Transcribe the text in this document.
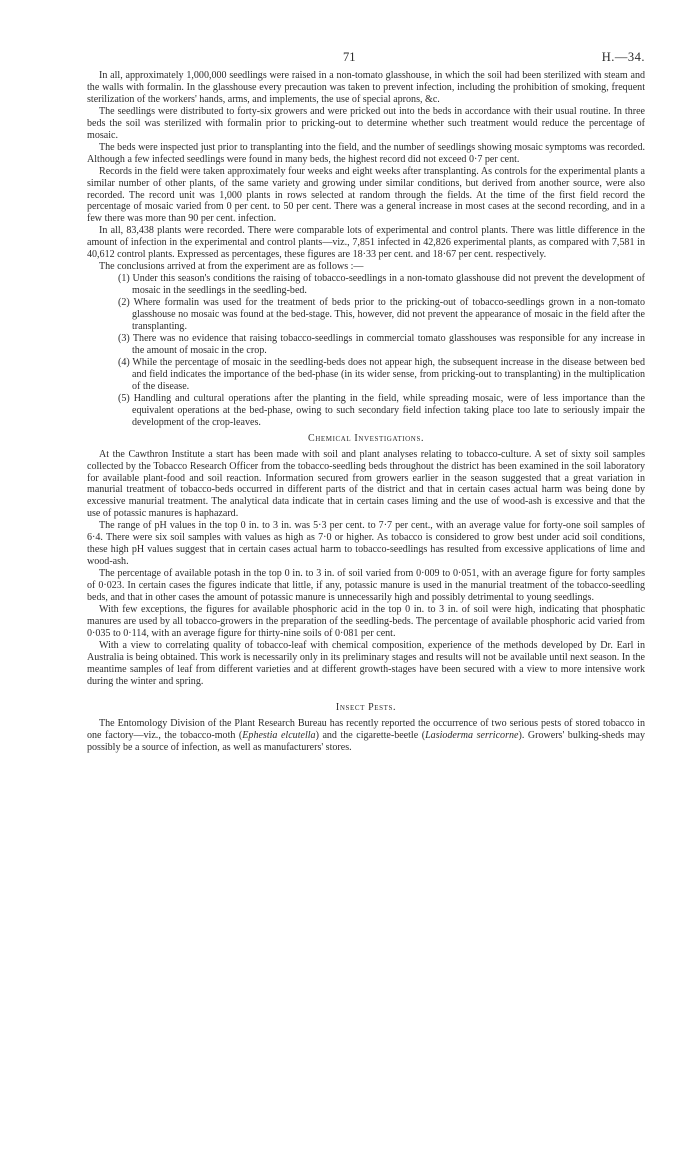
71	H.—34.

In all, approximately 1,000,000 seedlings were raised in a non-tomato glasshouse, in which the soil had been sterilized with steam and the walls with formalin. In the glasshouse every precaution was taken to prevent infection, including the prohibition of smoking, frequent sterilization of the workers' hands, arms, and implements, the use of special aprons, &c.

The seedlings were distributed to forty-six growers and were pricked out into the beds in accordance with their usual routine. In three beds the soil was sterilized with formalin prior to pricking-out to determine whether such treatment would reduce the percentage of mosaic.

The beds were inspected just prior to transplanting into the field, and the number of seedlings showing mosaic symptoms was recorded. Although a few infected seedlings were found in many beds, the highest record did not exceed 0·7 per cent.

Records in the field were taken approximately four weeks and eight weeks after transplanting. As controls for the experimental plants a similar number of other plants, of the same variety and growing under similar conditions, but derived from another source, were also recorded. The record unit was 1,000 plants in rows selected at random through the fields. At the time of the first field record the percentage of mosaic varied from 0 per cent. to 50 per cent. There was a general increase in most cases at the second recording, and in a few there was more than 90 per cent. infection.

In all, 83,438 plants were recorded. There were comparable lots of experimental and control plants. There was little difference in the amount of infection in the experimental and control plants—viz., 7,851 infected in 42,826 experimental plants, as compared with 7,581 in 40,612 control plants. Expressed as percentages, these figures are 18·33 per cent. and 18·67 per cent. respectively.

The conclusions arrived at from the experiment are as follows :—

(1) Under this season's conditions the raising of tobacco-seedlings in a non-tomato glasshouse did not prevent the development of mosaic in the seedlings in the seedling-bed.
(2) Where formalin was used for the treatment of beds prior to the pricking-out of tobacco-seedlings grown in a non-tomato glasshouse no mosaic was found at the bed-stage. This, however, did not prevent the appearance of mosaic in the field after the transplanting.
(3) There was no evidence that raising tobacco-seedlings in commercial tomato glasshouses was responsible for any increase in the amount of mosaic in the crop.
(4) While the percentage of mosaic in the seedling-beds does not appear high, the subsequent increase in the disease between bed and field indicates the importance of the bed-phase (in its wider sense, from pricking-out to transplanting) in the multiplication of the disease.
(5) Handling and cultural operations after the planting in the field, while spreading mosaic, were of less importance than the equivalent operations at the bed-phase, owing to such secondary field infection taking place too late to seriously impair the development of the crop-leaves.
Chemical Investigations.

At the Cawthron Institute a start has been made with soil and plant analyses relating to tobacco-culture. A set of sixty soil samples collected by the Tobacco Research Officer from the tobacco-seedling beds throughout the district has been examined in the soil laboratory for available plant-food and soil reaction. Information secured from growers earlier in the season suggested that a great variation in manurial treatment of tobacco-beds occurred in different parts of the district and that in certain cases actual harm was being done by excessive manurial treatment. The analytical data indicate that in certain cases liming and the use of wood-ash is excessive and that the use of potassic manures is haphazard.

The range of pH values in the top 0 in. to 3 in. was 5·3 per cent. to 7·7 per cent., with an average value for forty-one soil samples of 6·4. There were six soil samples with values as high as 7·0 or higher. As tobacco is considered to grow best under acid soil conditions, these high pH values suggest that in certain cases actual harm to tobacco-seedlings has resulted from excessive applications of lime and wood-ash.

The percentage of available potash in the top 0 in. to 3 in. of soil varied from 0·009 to 0·051, with an average figure for forty samples of 0·023. In certain cases the figures indicate that little, if any, potassic manure is used in the manurial treatment of the tobacco-seedling beds, and that in other cases the amount of potassic manure is unnecessarily high and possibly detrimental to young seedlings.

With few exceptions, the figures for available phosphoric acid in the top 0 in. to 3 in. of soil were high, indicating that phosphatic manures are used by all tobacco-growers in the preparation of the seedling-beds. The percentage of available phosphoric acid varied from 0·035 to 0·114, with an average figure for thirty-nine soils of 0·081 per cent.

With a view to correlating quality of tobacco-leaf with chemical composition, experience of the methods developed by Dr. Earl in Australia is being obtained. This work is necessarily only in its preliminary stages and results will not be available until next season. In the meantime samples of leaf from different varieties and at different growth-stages have been secured with a view to more intensive work during the winter and spring.

Insect Pests.

The Entomology Division of the Plant Research Bureau has recently reported the occurrence of two serious pests of stored tobacco in one factory—viz., the tobacco-moth (Ephestia elcutella) and the cigarette-beetle (Lasioderma serricorne). Growers' bulking-sheds may possibly be a source of infection, as well as manufacturers' stores.
